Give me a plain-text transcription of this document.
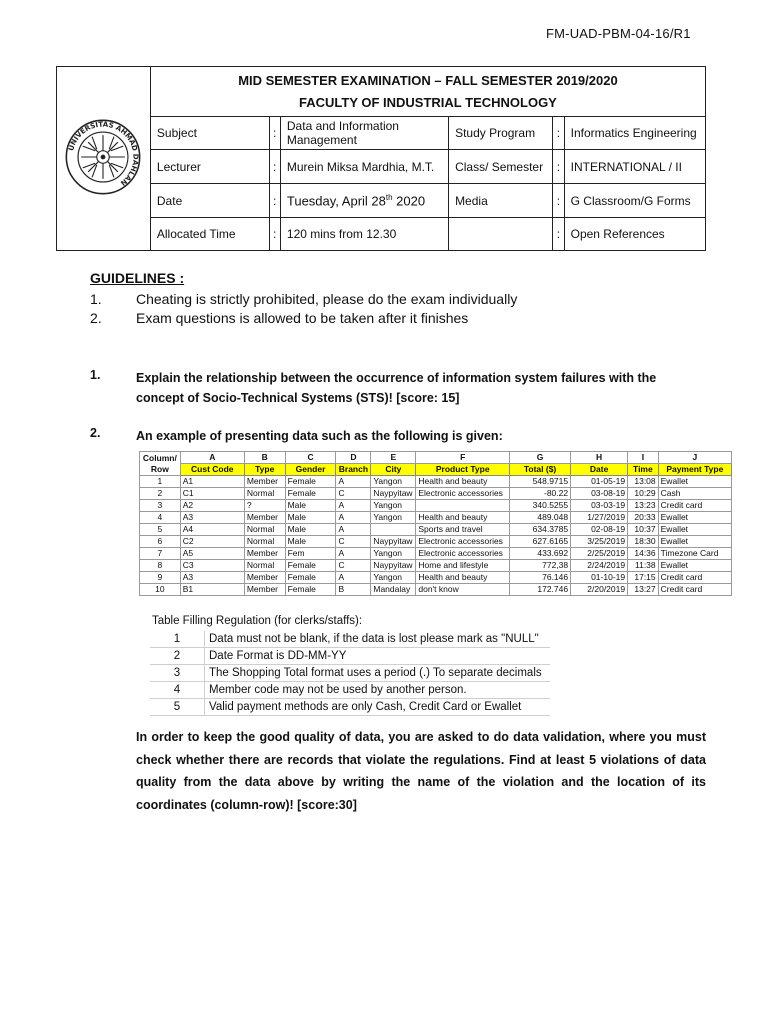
FM-UAD-PBM-04-16/R1
UNIVERSITAS AHMAD DAHLAN	MID SEMESTER EXAMINATION – FALL SEMESTER 2019/2020
FACULTY OF INDUSTRIAL TECHNOLOGY					

	Subject	:	Data and Information Management	Study Program	:	Informatics Engineering
	Lecturer	:	Murein Miksa Mardhia, M.T.	Class/ Semester	:	INTERNATIONAL / II
	Date	:	Tuesday, April 28th 2020	Media	:	G Classroom/G Forms
	Allocated Time	:	120 mins from 12.30		:	Open References
GUIDELINES :
1. Cheating is strictly prohibited, please do the exam individually
2. Exam questions is allowed to be taken after it finishes
1.	Explain the relationship between the occurrence of information system failures with the concept of Socio-Technical Systems (STS)! [score: 15]
2.	An example of presenting data such as the following is given:
Column/ Row	A	B	C	D	E	F	G	H	I	J
	Cust Code	Type	Gender	Branch	City	Product Type	Total ($)	Date	Time	Payment Type
1	A1	Member	Female	A	Yangon	Health and beauty	548.9715	01-05-19	13:08	Ewallet
2	C1	Normal	Female	C	Naypyitaw	Electronic accessories	-80.22	03-08-19	10:29	Cash
3	A2	?	Male	A	Yangon		340.5255	03-03-19	13:23	Credit card
4	A3	Member	Male	A	Yangon	Health and beauty	489.048	1/27/2019	20:33	Ewallet
5	A4	Normal	Male	A		Sports and travel	634.3785	02-08-19	10:37	Ewallet
6	C2	Normal	Male	C	Naypyitaw	Electronic accessories	627.6165	3/25/2019	18:30	Ewallet
7	A5	Member	Fem	A	Yangon	Electronic accessories	433.692	2/25/2019	14:36	Timezone Card
8	C3	Normal	Female	C	Naypyitaw	Home and lifestyle	772,38	2/24/2019	11:38	Ewallet
9	A3	Member	Female	A	Yangon	Health and beauty	76.146	01-10-19	17:15	Credit card
10	B1	Member	Female	B	Mandalay	don't know	172.746	2/20/2019	13:27	Credit card
Table Filling Regulation (for clerks/staffs):
1	Data must not be blank, if the data is lost please mark as "NULL"
2	Date Format is DD-MM-YY
3	The Shopping Total format uses a period (.) To separate decimals
4	Member code may not be used by another person.
5	Valid payment methods are only Cash, Credit Card or Ewallet
In order to keep the good quality of data, you are asked to do data validation, where you must check whether there are records that violate the regulations. Find at least 5 violations of data quality from the data above by writing the name of the violation and the location of its coordinates (column-row)! [score:30]
